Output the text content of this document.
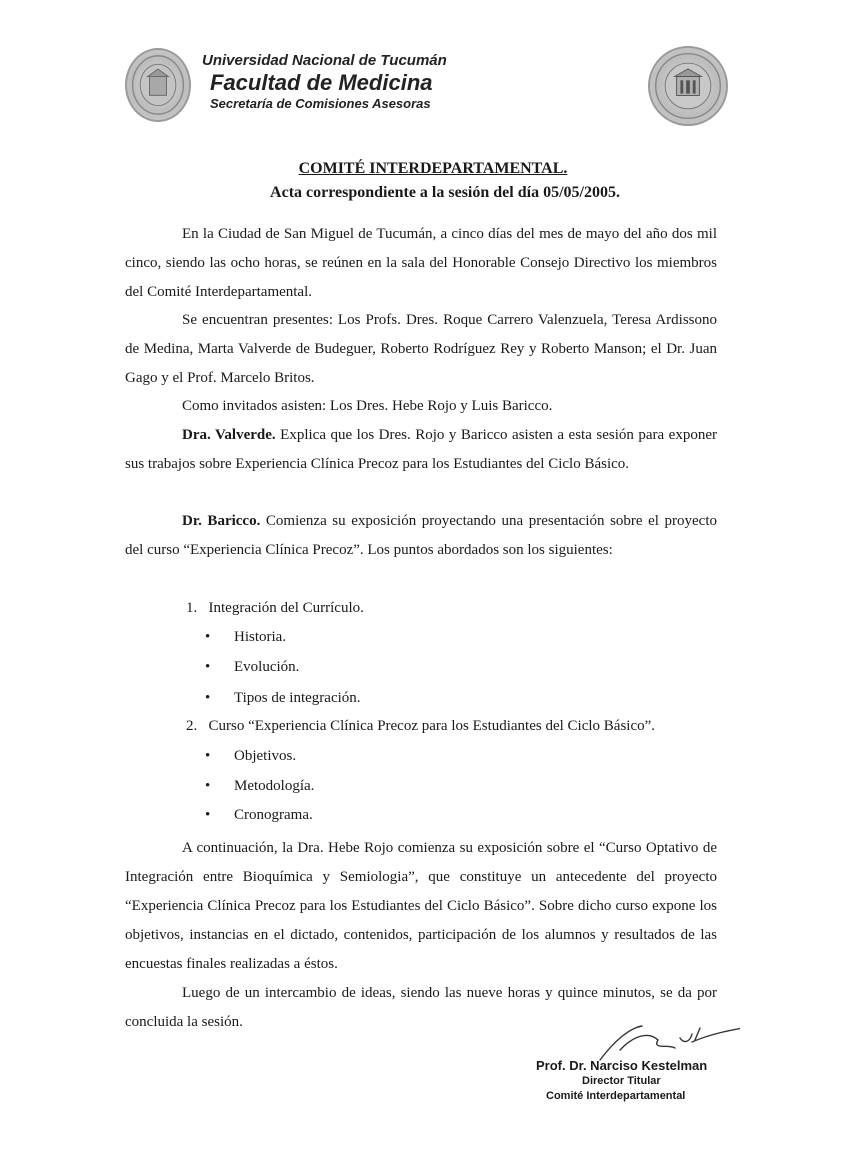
Universidad Nacional de Tucumán
Facultad de Medicina
Secretaría de Comisiones Asesoras
COMITÉ INTERDEPARTAMENTAL.
Acta correspondiente a la sesión del día 05/05/2005.

En la Ciudad de San Miguel de Tucumán, a cinco días del mes de mayo del año dos mil cinco, siendo las ocho horas, se reúnen en la sala del Honorable Consejo Directivo los miembros del Comité Interdepartamental.

Se encuentran presentes: Los Profs. Dres. Roque Carrero Valenzuela, Teresa Ardissono de Medina, Marta Valverde de Budeguer, Roberto Rodríguez Rey y Roberto Manson; el Dr. Juan Gago y el Prof. Marcelo Britos.

Como invitados asisten: Los Dres. Hebe Rojo y Luis Baricco.

Dra. Valverde. Explica que los Dres. Rojo y Baricco asisten a esta sesión para exponer sus trabajos sobre Experiencia Clínica Precoz para los Estudiantes del Ciclo Básico.

Dr. Baricco. Comienza su exposición proyectando una presentación sobre el proyecto del curso “Experiencia Clínica Precoz”. Los puntos abordados son los siguientes:

A continuación, la Dra. Hebe Rojo comienza su exposición sobre el “Curso Optativo de Integración entre Bioquímica y Semiologia”, que constituye un antecedente del proyecto “Experiencia Clínica Precoz para los Estudiantes del Ciclo Básico”. Sobre dicho curso expone los objetivos, instancias en el dictado, contenidos, participación de los alumnos y resultados de las encuestas finales realizadas a éstos.

Luego de un intercambio de ideas, siendo las nueve horas y quince minutos, se da por concluida la sesión.

1. Integración del Currículo.
• Historia.
• Evolución.
• Tipos de integración.
2. Curso “Experiencia Clínica Precoz para los Estudiantes del Ciclo Básico”.
• Objetivos.
• Metodología.
• Cronograma.
Prof. Dr. Narciso Kestelman
Director Titular
Comité Interdepartamental
